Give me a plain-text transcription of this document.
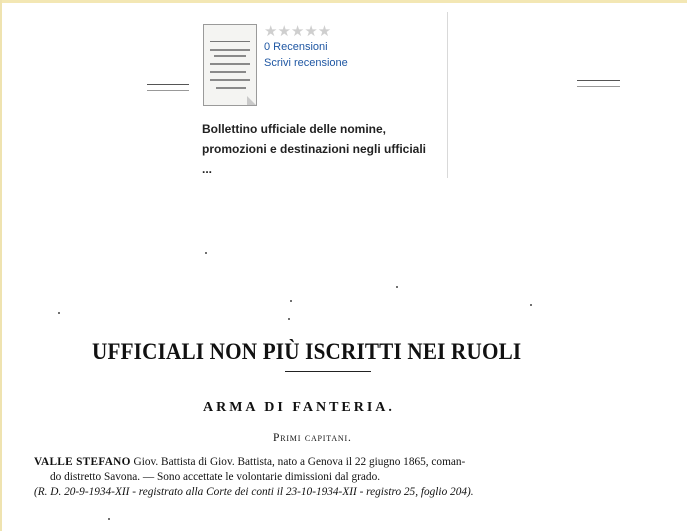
★★★★★
0 Recensioni
Scrivi recensione
Bollettino ufficiale delle nomine, promozioni e destinazioni negli ufficiali ...
UFFICIALI NON PIÙ ISCRITTI NEI RUOLI
ARMA DI FANTERIA.
Primi capitani.
VALLE STEFANO Giov. Battista di Giov. Battista, nato a Genova il 22 giugno 1865, coman-
do distretto Savona. — Sono accettate le volontarie dimissioni dal grado.
(R. D. 20-9-1934-XII - registrato alla Corte dei conti il 23-10-1934-XII - registro 25, foglio 204).
